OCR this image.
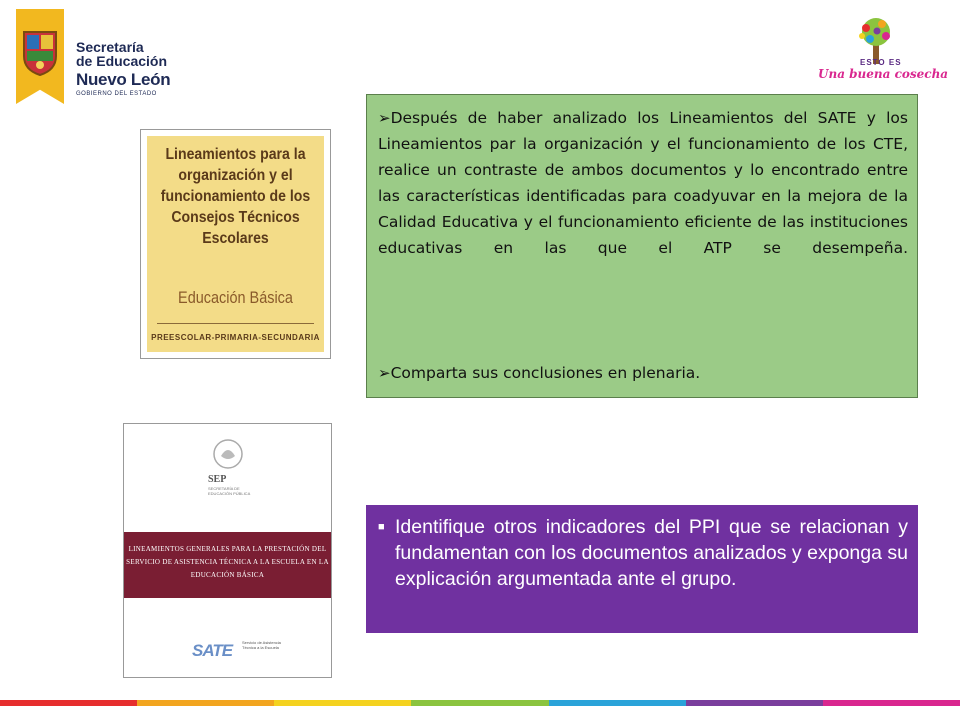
Secretaría
de Educación
Nuevo León
GOBIERNO DEL ESTADO
ESTO ES
Una buena cosecha
Lineamientos para la organización y el funcionamiento de los Consejos Técnicos Escolares
Educación Básica
PREESCOLAR-PRIMARIA-SECUNDARIA
SEP
SECRETARÍA DE EDUCACIÓN PÚBLICA
LINEAMIENTOS GENERALES PARA LA PRESTACIÓN DEL SERVICIO DE ASISTENCIA TÉCNICA A LA ESCUELA EN LA EDUCACIÓN BÁSICA
SATE Servicio de Asistencia Técnica a la Escuela

➢Después de haber analizado los Lineamientos del SATE y los Lineamientos par la organización y el funcionamiento de los CTE, realice un contraste de ambos documentos y lo encontrado entre las características identificadas para coadyuvar en la mejora de la Calidad Educativa y el funcionamiento eficiente de las instituciones educativas en las que el ATP se desempeña.

➢Comparta sus conclusiones en plenaria.

■ Identifique otros indicadores del PPI que se relacionan y fundamentan con los documentos analizados y exponga su explicación argumentada ante el grupo.
